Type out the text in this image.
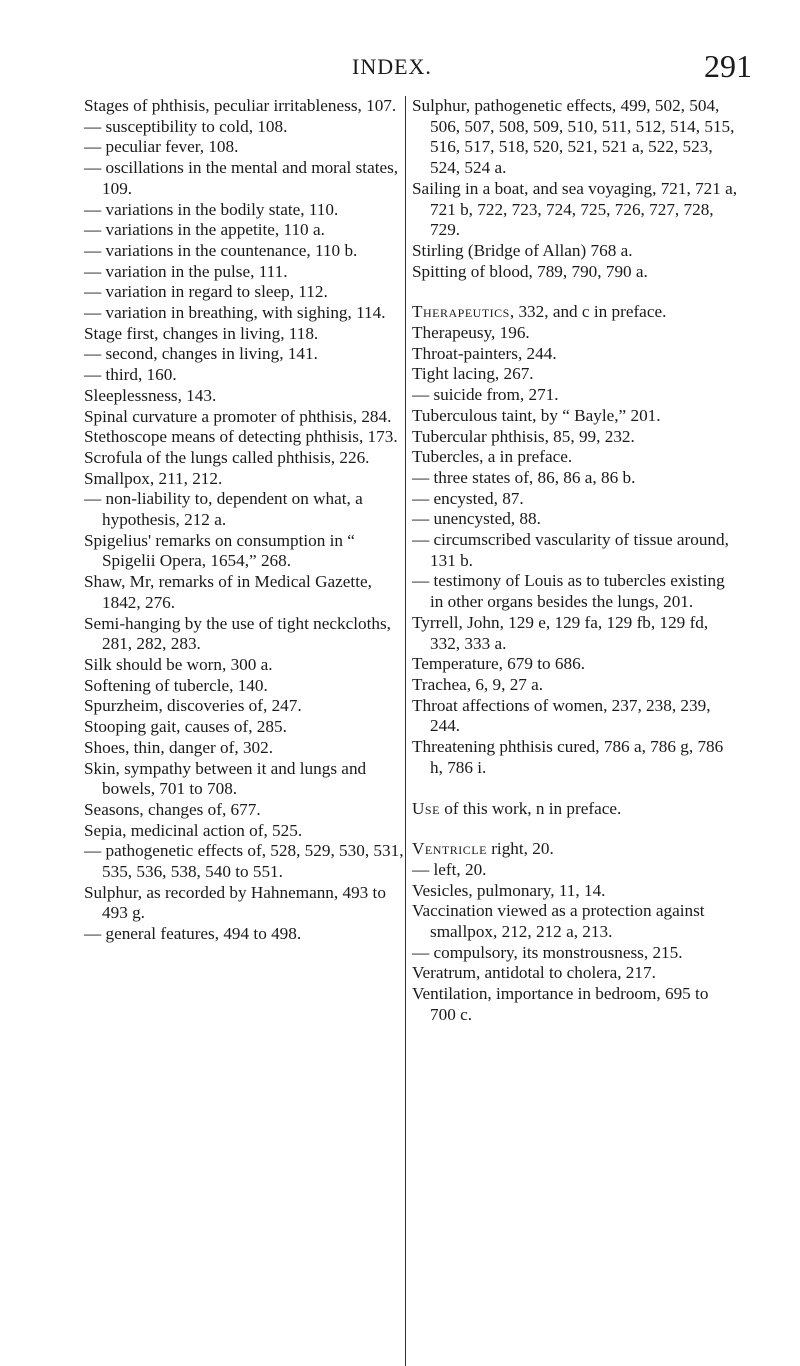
INDEX.	291

Stages of phthisis, peculiar irritableness, 107.

— susceptibility to cold, 108.

— peculiar fever, 108.

— oscillations in the mental and moral states, 109.

— variations in the bodily state, 110.

— variations in the appetite, 110 a.

— variations in the countenance, 110 b.

— variation in the pulse, 111.

— variation in regard to sleep, 112.

— variation in breathing, with sighing, 114.

Stage first, changes in living, 118.

— second, changes in living, 141.

— third, 160.

Sleeplessness, 143.

Spinal curvature a promoter of phthisis, 284.

Stethoscope means of detecting phthisis, 173.

Scrofula of the lungs called phthisis, 226.

Smallpox, 211, 212.

— non-liability to, dependent on what, a hypothesis, 212 a.

Spigelius' remarks on consumption in “ Spigelii Opera, 1654,” 268.

Shaw, Mr, remarks of in Medical Gazette, 1842, 276.

Semi-hanging by the use of tight neckcloths, 281, 282, 283.

Silk should be worn, 300 a.

Softening of tubercle, 140.

Spurzheim, discoveries of, 247.

Stooping gait, causes of, 285.

Shoes, thin, danger of, 302.

Skin, sympathy between it and lungs and bowels, 701 to 708.

Seasons, changes of, 677.

Sepia, medicinal action of, 525.

— pathogenetic effects of, 528, 529, 530, 531, 535, 536, 538, 540 to 551.

Sulphur, as recorded by Hahnemann, 493 to 493 g.

— general features, 494 to 498.

Sulphur, pathogenetic effects, 499, 502, 504, 506, 507, 508, 509, 510, 511, 512, 514, 515, 516, 517, 518, 520, 521, 521 a, 522, 523, 524, 524 a.

Sailing in a boat, and sea voyaging, 721, 721 a, 721 b, 722, 723, 724, 725, 726, 727, 728, 729.

Stirling (Bridge of Allan) 768 a.

Spitting of blood, 789, 790, 790 a.

Therapeutics, 332, and c in preface.

Therapeusy, 196.

Throat-painters, 244.

Tight lacing, 267.

— suicide from, 271.

Tuberculous taint, by “ Bayle,” 201.

Tubercular phthisis, 85, 99, 232.

Tubercles, a in preface.

— three states of, 86, 86 a, 86 b.

— encysted, 87.

— unencysted, 88.

— circumscribed vascularity of tissue around, 131 b.

— testimony of Louis as to tubercles existing in other organs besides the lungs, 201.

Tyrrell, John, 129 e, 129 fa, 129 fb, 129 fd, 332, 333 a.

Temperature, 679 to 686.

Trachea, 6, 9, 27 a.

Throat affections of women, 237, 238, 239, 244.

Threatening phthisis cured, 786 a, 786 g, 786 h, 786 i.

Use of this work, n in preface.

Ventricle right, 20.

— left, 20.

Vesicles, pulmonary, 11, 14.

Vaccination viewed as a protection against smallpox, 212, 212 a, 213.

— compulsory, its monstrousness, 215.

Veratrum, antidotal to cholera, 217.

Ventilation, importance in bedroom, 695 to 700 c.
